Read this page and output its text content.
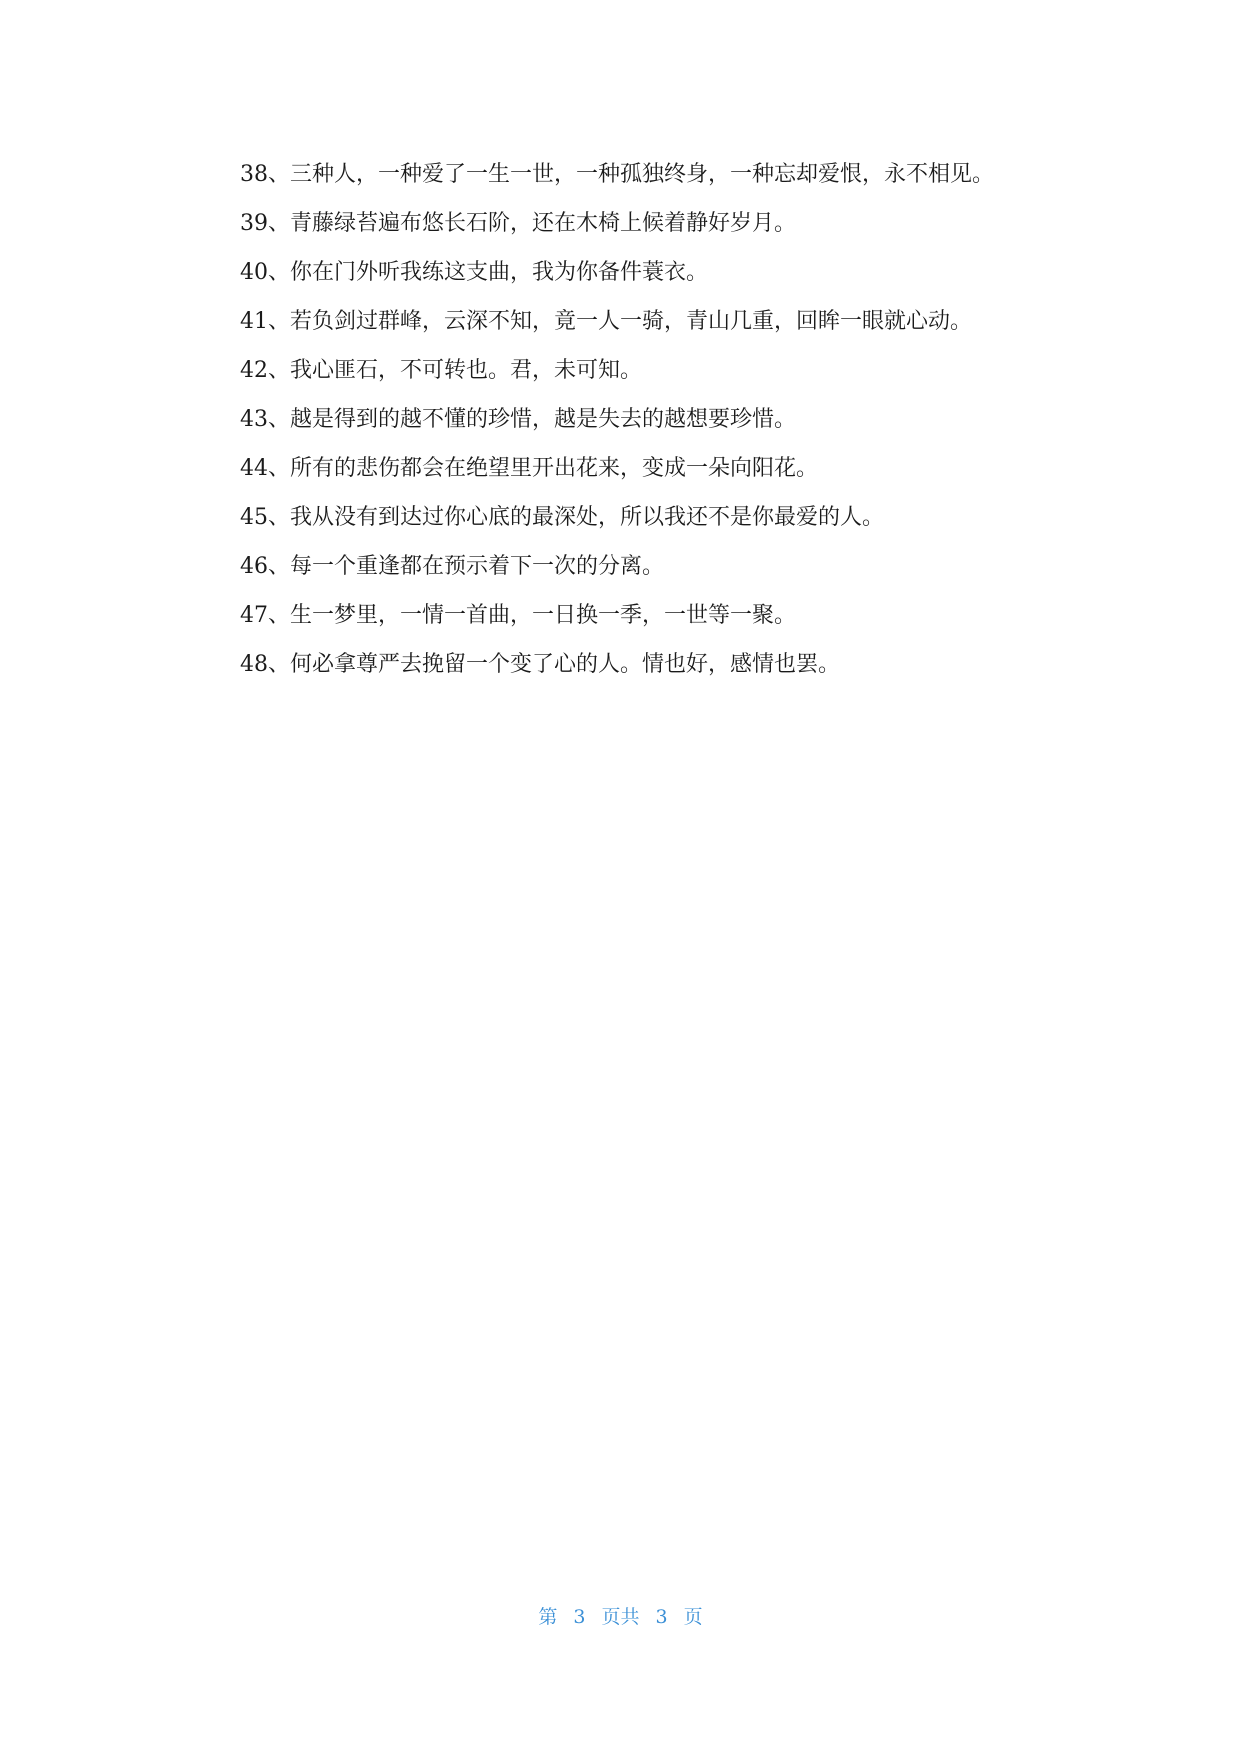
38、三种人，一种爱了一生一世，一种孤独终身，一种忘却爱恨，永不相见。

39、青藤绿苔遍布悠长石阶，还在木椅上候着静好岁月。

40、你在门外听我练这支曲，我为你备件蓑衣。

41、若负剑过群峰，云深不知，竟一人一骑，青山几重，回眸一眼就心动。

42、我心匪石，不可转也。君，未可知。

43、越是得到的越不懂的珍惜，越是失去的越想要珍惜。

44、所有的悲伤都会在绝望里开出花来，变成一朵向阳花。

45、我从没有到达过你心底的最深处，所以我还不是你最爱的人。

46、每一个重逢都在预示着下一次的分离。

47、生一梦里，一情一首曲，一日换一季，一世等一聚。

48、何必拿尊严去挽留一个变了心的人。情也好，感情也罢。

第 3 页共 3 页
